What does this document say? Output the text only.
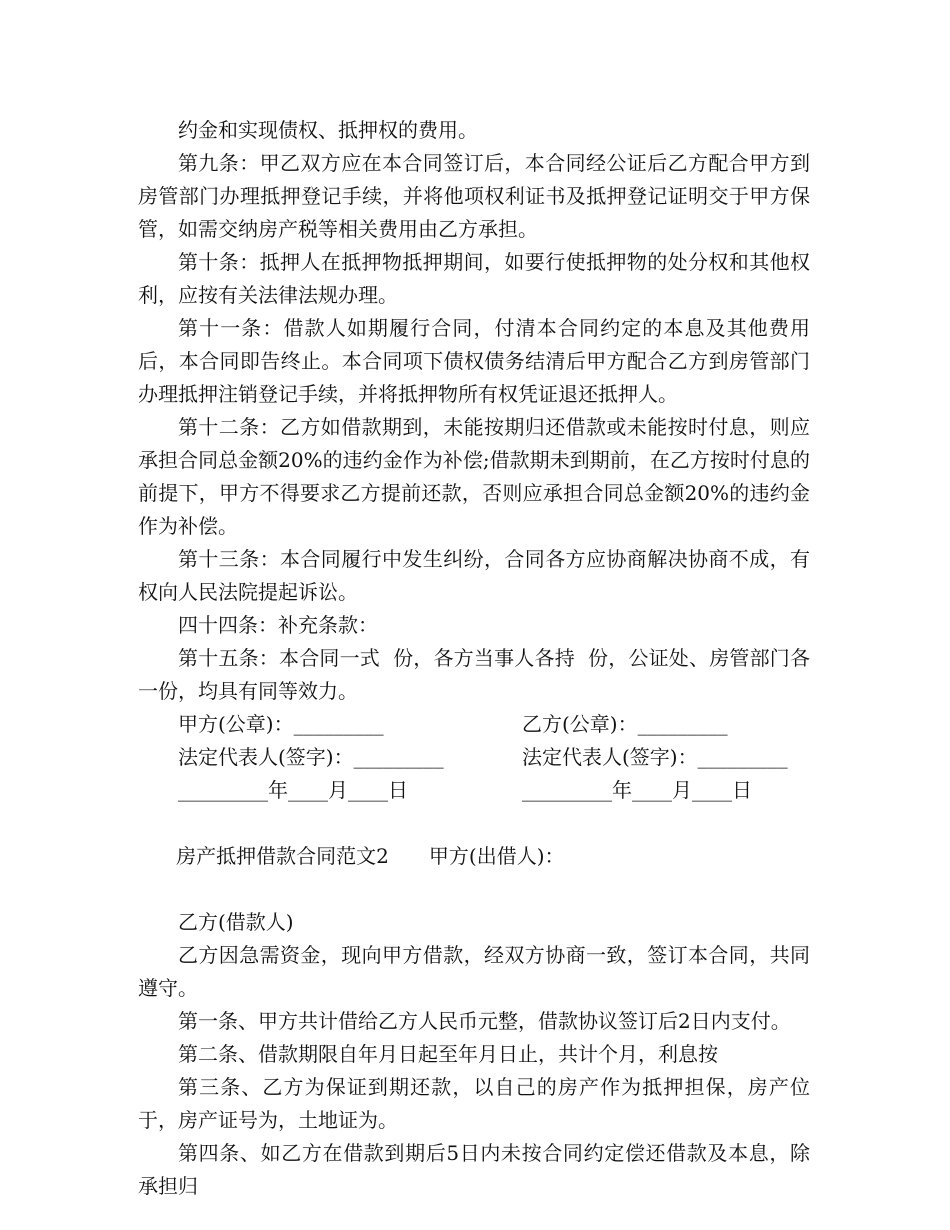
约金和实现债权、抵押权的费用。

第九条：甲乙双方应在本合同签订后，本合同经公证后乙方配合甲方到房管部门办理抵押登记手续，并将他项权利证书及抵押登记证明交于甲方保管，如需交纳房产税等相关费用由乙方承担。

第十条：抵押人在抵押物抵押期间，如要行使抵押物的处分权和其他权利，应按有关法律法规办理。

第十一条：借款人如期履行合同，付清本合同约定的本息及其他费用后，本合同即告终止。本合同项下债权债务结清后甲方配合乙方到房管部门办理抵押注销登记手续，并将抵押物所有权凭证退还抵押人。

第十二条：乙方如借款期到，未能按期归还借款或未能按时付息，则应承担合同总金额20%的违约金作为补偿;借款期未到期前，在乙方按时付息的前提下，甲方不得要求乙方提前还款，否则应承担合同总金额20%的违约金作为补偿。

第十三条：本合同履行中发生纠纷，合同各方应协商解决协商不成，有权向人民法院提起诉讼。

四十四条：补充条款：

第十五条：本合同一式  份，各方当事人各持  份，公证处、房管部门各一份，均具有同等效力。

甲方(公章)：_________	乙方(公章)：_________
法定代表人(签字)：_________	法定代表人(签字)：_________
_________年____月____日	_________年____月____日

房产抵押借款合同范文2 甲方(出借人)：

乙方(借款人)

乙方因急需资金，现向甲方借款，经双方协商一致，签订本合同，共同遵守。

第一条、甲方共计借给乙方人民币元整，借款协议签订后2日内支付。

第二条、借款期限自年月日起至年月日止，共计个月，利息按

第三条、乙方为保证到期还款，以自己的房产作为抵押担保，房产位于，房产证号为，土地证为。

第四条、如乙方在借款到期后5日内未按合同约定偿还借款及本息，除承担归
